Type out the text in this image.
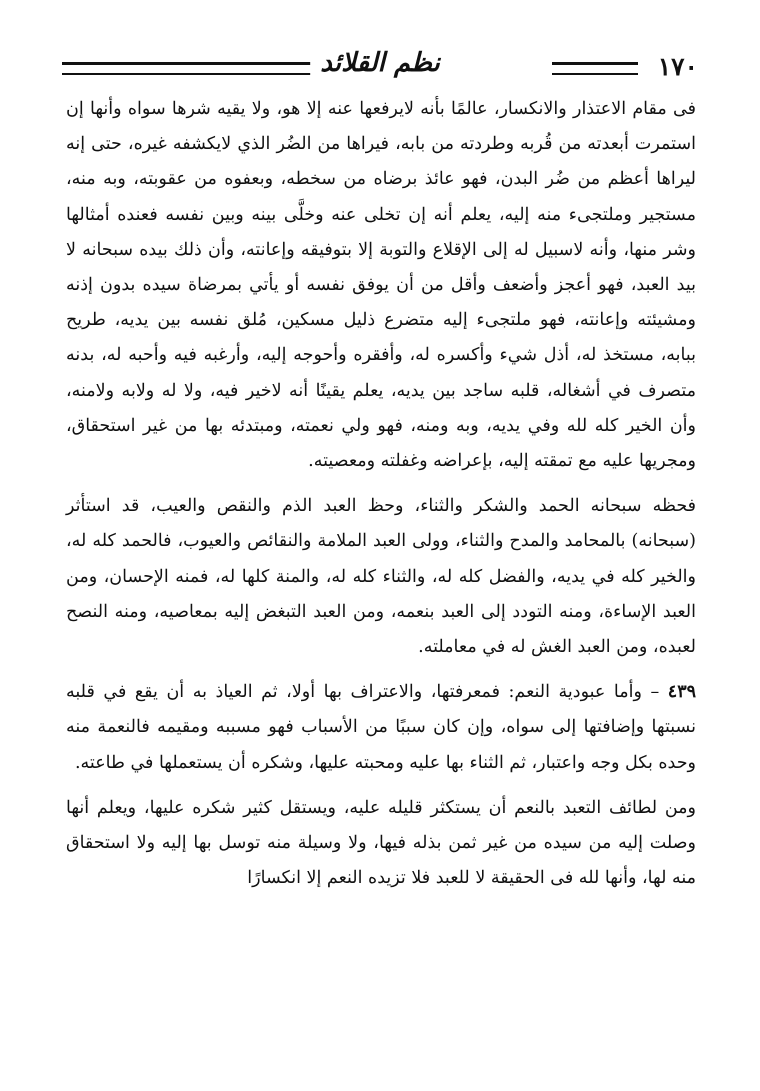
١٧٠
نظم القلائد

فى مقام الاعتذار والانكسار، عالمًا بأنه لايرفعها عنه إلا هو، ولا يقيه شرها سواه وأنها إن استمرت أبعدته من قُربه وطردته من بابه، فيراها من الضُر الذي لايكشفه غيره، حتى إنه ليراها أعظم من ضُر البدن، فهو عائذ برضاه من سخطه، وبعفوه من عقوبته، وبه منه، مستجير وملتجىء منه إليه، يعلم أنه إن تخلى عنه وخلَّى بينه وبين نفسه فعنده أمثالها وشر منها، وأنه لاسبيل له إلى الإقلاع والتوبة إلا بتوفيقه وإعانته، وأن ذلك بيده سبحانه لا بيد العبد، فهو أعجز وأضعف وأقل من أن يوفق نفسه أو يأتي بمرضاة سيده بدون إذنه ومشيئته وإعانته، فهو ملتجىء إليه متضرع ذليل مسكين، مُلق نفسه بين يديه، طريح ببابه، مستخذ له، أذل شيء وأكسره له، وأفقره وأحوجه إليه، وأرغبه فيه وأحبه له، بدنه متصرف في أشغاله، قلبه ساجد بين يديه، يعلم يقينًا أنه لاخير فيه، ولا له ولابه ولامنه، وأن الخير كله لله وفي يديه، وبه ومنه، فهو ولي نعمته، ومبتدئه بها من غير استحقاق، ومجريها عليه مع تمقته إليه، بإعراضه وغفلته ومعصيته.

فحظه سبحانه الحمد والشكر والثناء، وحظ العبد الذم والنقص والعيب، قد استأثر (سبحانه) بالمحامد والمدح والثناء، وولى العبد الملامة والنقائص والعيوب، فالحمد كله له، والخير كله في يديه، والفضل كله له، والثناء كله له، والمنة كلها له، فمنه الإحسان، ومن العبد الإساءة، ومنه التودد إلى العبد بنعمه، ومن العبد التبغض إليه بمعاصيه، ومنه النصح لعبده، ومن العبد الغش له في معاملته.

٤٣٩ – وأما عبودية النعم: فمعرفتها، والاعتراف بها أولا، ثم العياذ به أن يقع في قلبه نسبتها وإضافتها إلى سواه، وإن كان سببًا من الأسباب فهو مسببه ومقيمه فالنعمة منه وحده بكل وجه واعتبار، ثم الثناء بها عليه ومحبته عليها، وشكره أن يستعملها في طاعته.

ومن لطائف التعبد بالنعم أن يستكثر قليله عليه، ويستقل كثير شكره عليها، ويعلم أنها وصلت إليه من سيده من غير ثمن بذله فيها، ولا وسيلة منه توسل بها إليه ولا استحقاق منه لها، وأنها لله فى الحقيقة لا للعبد فلا تزيده النعم إلا انكسارًا
